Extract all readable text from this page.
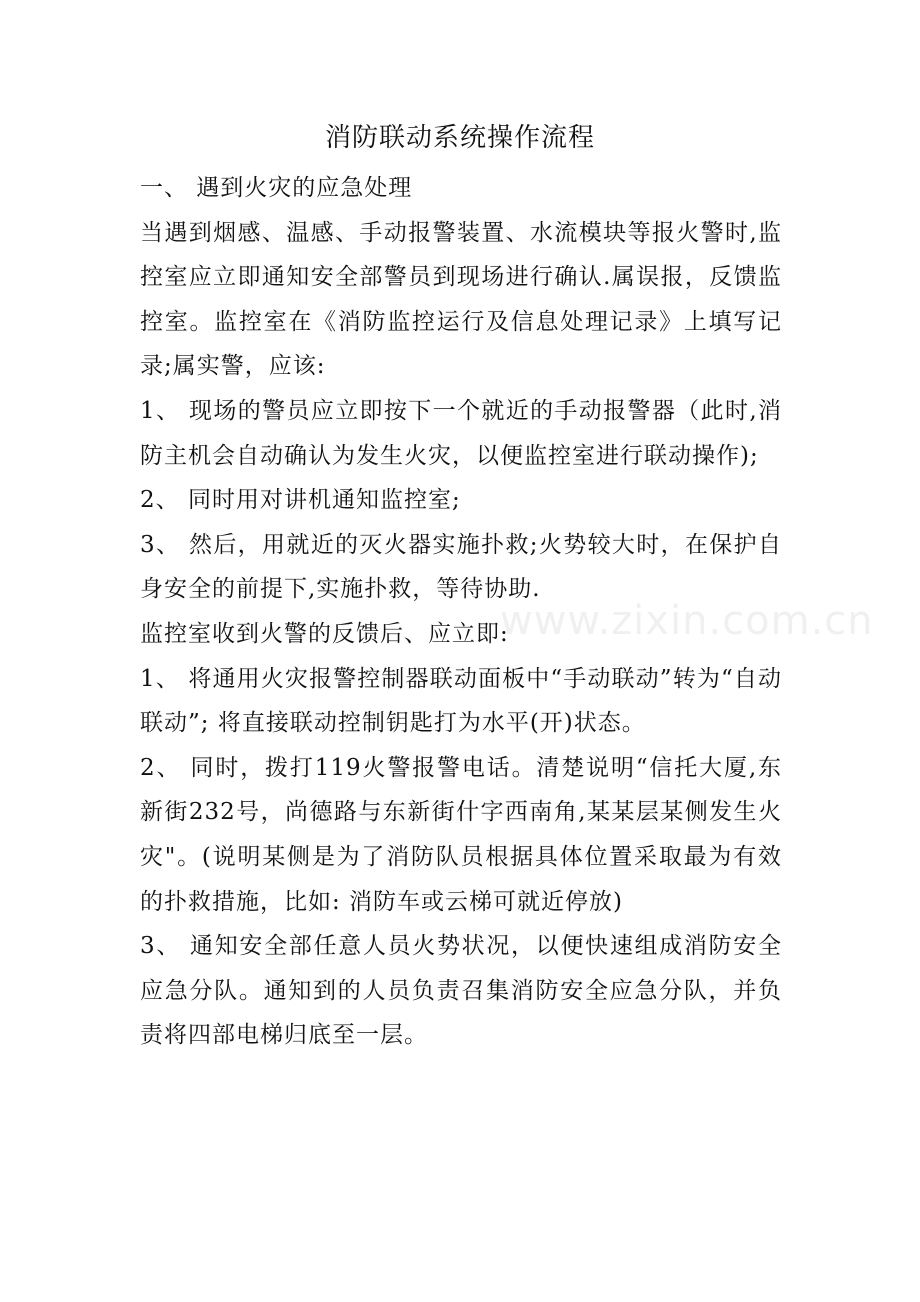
消防联动系统操作流程

一、 遇到火灾的应急处理

当遇到烟感、温感、手动报警装置、水流模块等报火警时,监控室应立即通知安全部警员到现场进行确认.属误报，反馈监控室。监控室在《消防监控运行及信息处理记录》上填写记录;属实警，应该:

1、 现场的警员应立即按下一个就近的手动报警器（此时,消防主机会自动确认为发生火灾，以便监控室进行联动操作);

2、 同时用对讲机通知监控室;

3、 然后，用就近的灭火器实施扑救;火势较大时，在保护自身安全的前提下,实施扑救，等待协助.

监控室收到火警的反馈后、应立即:

1、 将通用火灾报警控制器联动面板中“手动联动”转为“自动联动”; 将直接联动控制钥匙打为水平(开)状态。

2、 同时，拨打119火警报警电话。清楚说明“信托大厦,东新街232号，尚德路与东新街什字西南角,某某层某侧发生火灾"。(说明某侧是为了消防队员根据具体位置采取最为有效的扑救措施，比如: 消防车或云梯可就近停放)

3、 通知安全部任意人员火势状况，以便快速组成消防安全应急分队。通知到的人员负责召集消防安全应急分队，并负责将四部电梯归底至一层。

www.zixin.com.cn
